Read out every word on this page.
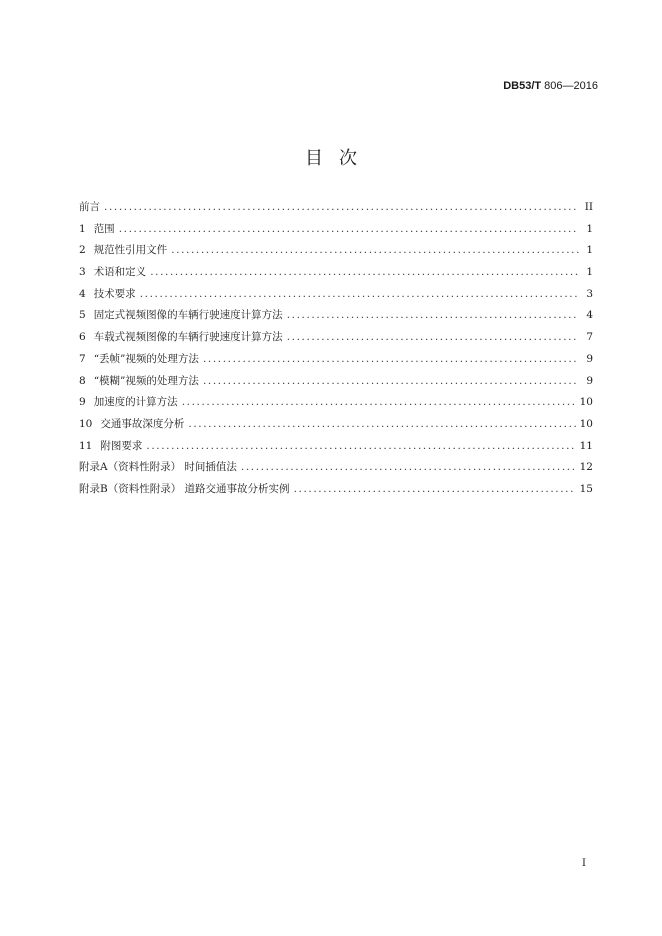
DB53/T 806—2016
目次
前言 .....	II
1 范围 .....	1
2 规范性引用文件 .....	1
3 术语和定义 .....	1
4 技术要求 .....	3
5 固定式视频图像的车辆行驶速度计算方法 .....	4
6 车载式视频图像的车辆行驶速度计算方法 .....	7
7 “丢帧”视频的处理方法 .....	9
8 “模糊”视频的处理方法 .....	9
9 加速度的计算方法 .....	10
10 交通事故深度分析 .....	10
11 附图要求 .....	11
附录A（资料性附录） 时间插值法 .....	12
附录B（资料性附录） 道路交通事故分析实例 .....	15
I
